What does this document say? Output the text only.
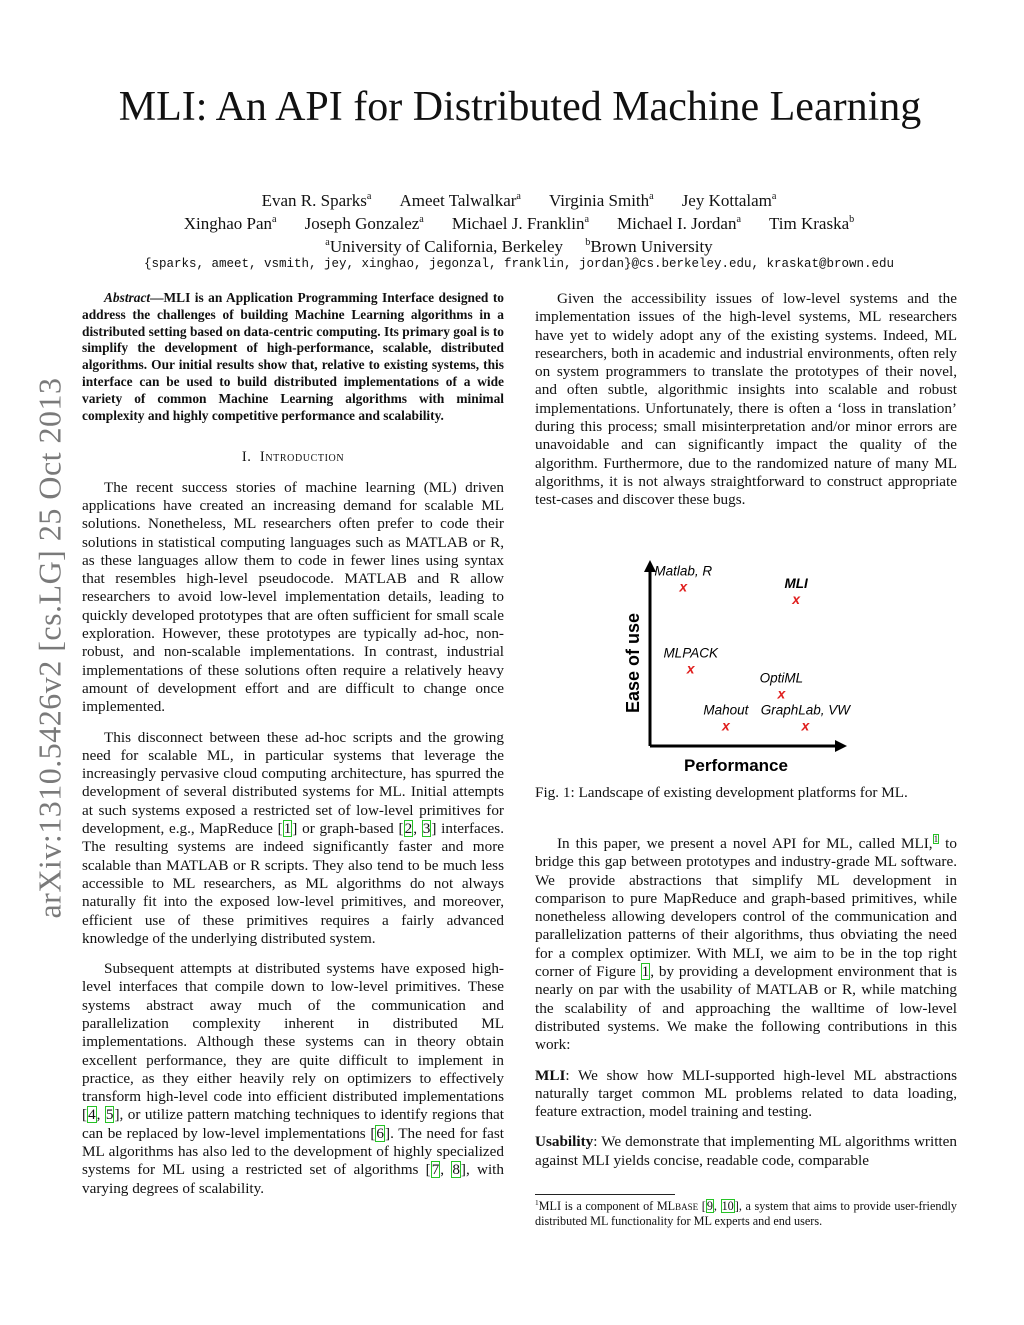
arXiv:1310.5426v2 [cs.LG] 25 Oct 2013
MLI: An API for Distributed Machine Learning
Evan R. Sparks$^a$ Ameet Talwalkar$^a$ Virginia Smith$^a$ Jey Kottalam$^a$
Xinghao Pan$^a$ Joseph Gonzalez$^a$ Michael J. Franklin$^a$ Michael I. Jordan$^a$ Tim Kraska$^b$
$^a$University of California, Berkeley $^b$Brown University
{sparks, ameet, vsmith, jey, xinghao, jegonzal, franklin, jordan}@cs.berkeley.edu, kraskat@brown.edu
Abstract—MLI is an Application Programming Interface designed to address the challenges of building Machine Learning algorithms in a distributed setting based on data-centric computing. Its primary goal is to simplify the development of high-performance, scalable, distributed algorithms. Our initial results show that, relative to existing systems, this interface can be used to build distributed implementations of a wide variety of common Machine Learning algorithms with minimal complexity and highly competitive performance and scalability.
I. Introduction

The recent success stories of machine learning (ML) driven applications have created an increasing demand for scalable ML solutions. Nonetheless, ML researchers often prefer to code their solutions in statistical computing languages such as MATLAB or R, as these languages allow them to code in fewer lines using syntax that resembles high-level pseudocode. MATLAB and R allow researchers to avoid low-level implementation details, leading to quickly developed prototypes that are often sufficient for small scale exploration. However, these prototypes are typically ad-hoc, non-robust, and non-scalable implementations. In contrast, industrial implementations of these solutions often require a relatively heavy amount of development effort and are difficult to change once implemented.

This disconnect between these ad-hoc scripts and the growing need for scalable ML, in particular systems that leverage the increasingly pervasive cloud computing architecture, has spurred the development of several distributed systems for ML. Initial attempts at such systems exposed a restricted set of low-level primitives for development, e.g., MapReduce [1] or graph-based [2, 3] interfaces. The resulting systems are indeed significantly faster and more scalable than MATLAB or R scripts. They also tend to be much less accessible to ML researchers, as ML algorithms do not always naturally fit into the exposed low-level primitives, and moreover, efficient use of these primitives requires a fairly advanced knowledge of the underlying distributed system.

Subsequent attempts at distributed systems have exposed high-level interfaces that compile down to low-level primitives. These systems abstract away much of the communication and parallelization complexity inherent in distributed ML implementations. Although these systems can in theory obtain excellent performance, they are quite difficult to implement in practice, as they either heavily rely on optimizers to effectively transform high-level code into efficient distributed implementations [4, 5], or utilize pattern matching techniques to identify regions that can be replaced by low-level implementations [6]. The need for fast ML algorithms has also led to the development of highly specialized systems for ML using a restricted set of algorithms [7, 8], with varying degrees of scalability.

Given the accessibility issues of low-level systems and the implementation issues of the high-level systems, ML researchers have yet to widely adopt any of the existing systems. Indeed, ML researchers, both in academic and industrial environments, often rely on system programmers to translate the prototypes of their novel, and often subtle, algorithmic insights into scalable and robust implementations. Unfortunately, there is often a ‘loss in translation’ during this process; small misinterpretation and/or minor errors are unavoidable and can significantly impact the quality of the algorithm. Furthermore, due to the randomized nature of many ML algorithms, it is not always straightforward to construct appropriate test-cases and discover these bugs.

Performance
Ease of use
Matlab, R
x	MLI
x
MLPACK
x
OptiML
x
Mahout
x
GraphLab, VW
x
Fig. 1: Landscape of existing development platforms for ML.

In this paper, we present a novel API for ML, called MLI,$^1$ to bridge this gap between prototypes and industry-grade ML software. We provide abstractions that simplify ML development in comparison to pure MapReduce and graph-based primitives, while nonetheless allowing developers control of the communication and parallelization patterns of their algorithms, thus obviating the need for a complex optimizer. With MLI, we aim to be in the top right corner of Figure 1, by providing a development environment that is nearly on par with the usability of MATLAB or R, while matching the scalability of and approaching the walltime of low-level distributed systems. We make the following contributions in this work:

MLI: We show how MLI-supported high-level ML abstractions naturally target common ML problems related to data loading, feature extraction, model training and testing.

Usability: We demonstrate that implementing ML algorithms written against MLI yields concise, readable code, comparable

$^1$MLI is a component of MLbase [9, 10], a system that aims to provide user-friendly distributed ML functionality for ML experts and end users.
